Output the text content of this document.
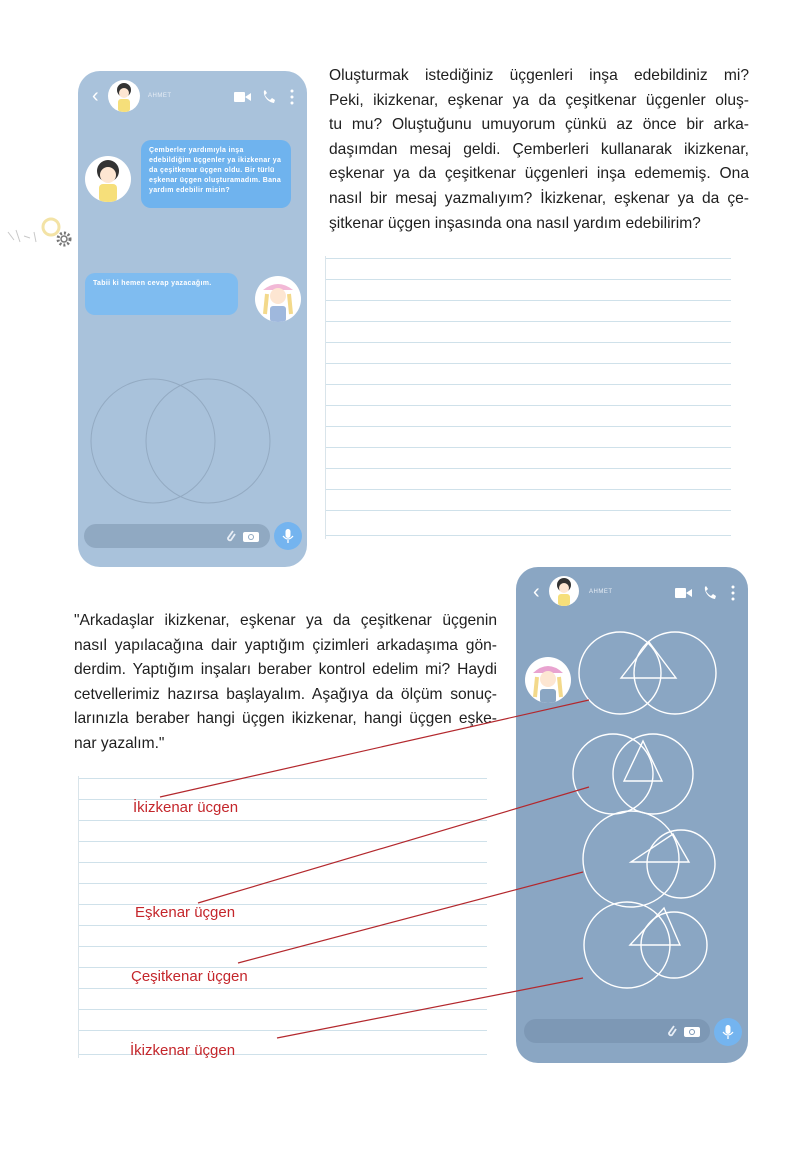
‹	AHMET
Çemberler yardımıyla inşa edebildiğim üçgenler ya ikizkenar ya da çeşitkenar üçgen oldu. Bir türlü eşkenar üçgen oluşturamadım. Bana yardım edebilir misin?
Tabii ki hemen cevap yazacağım.
Oluşturmak istediğiniz üçgenleri inşa edebildiniz mi?
Peki, ikizkenar, eşkenar ya da çeşitkenar üçgenler oluş-
tu mu? Oluştuğunu umuyorum çünkü az önce bir arka-
daşımdan mesaj geldi. Çemberleri kullanarak ikizkenar,
eşkenar ya da çeşitkenar üçgenleri inşa edememiş. Ona
nasıl bir mesaj yazmalıyım? İkizkenar, eşkenar ya da çe-
şitkenar üçgen inşasında ona nasıl yardım edebilirim?
"Arkadaşlar ikizkenar, eşkenar ya da çeşitkenar üçgenin
nasıl yapılacağına dair yaptığım çizimleri arkadaşıma gön-
derdim. Yaptığım inşaları beraber kontrol edelim mi? Haydi
cetvellerimiz hazırsa başlayalım. Aşağıya da ölçüm sonuç-
larınızla beraber hangi üçgen ikizkenar, hangi üçgen eşke-
nar yazalım."
İkizkenar ücgen
Eşkenar üçgen
Çeşitkenar üçgen
İkizkenar üçgen
‹	AHMET
